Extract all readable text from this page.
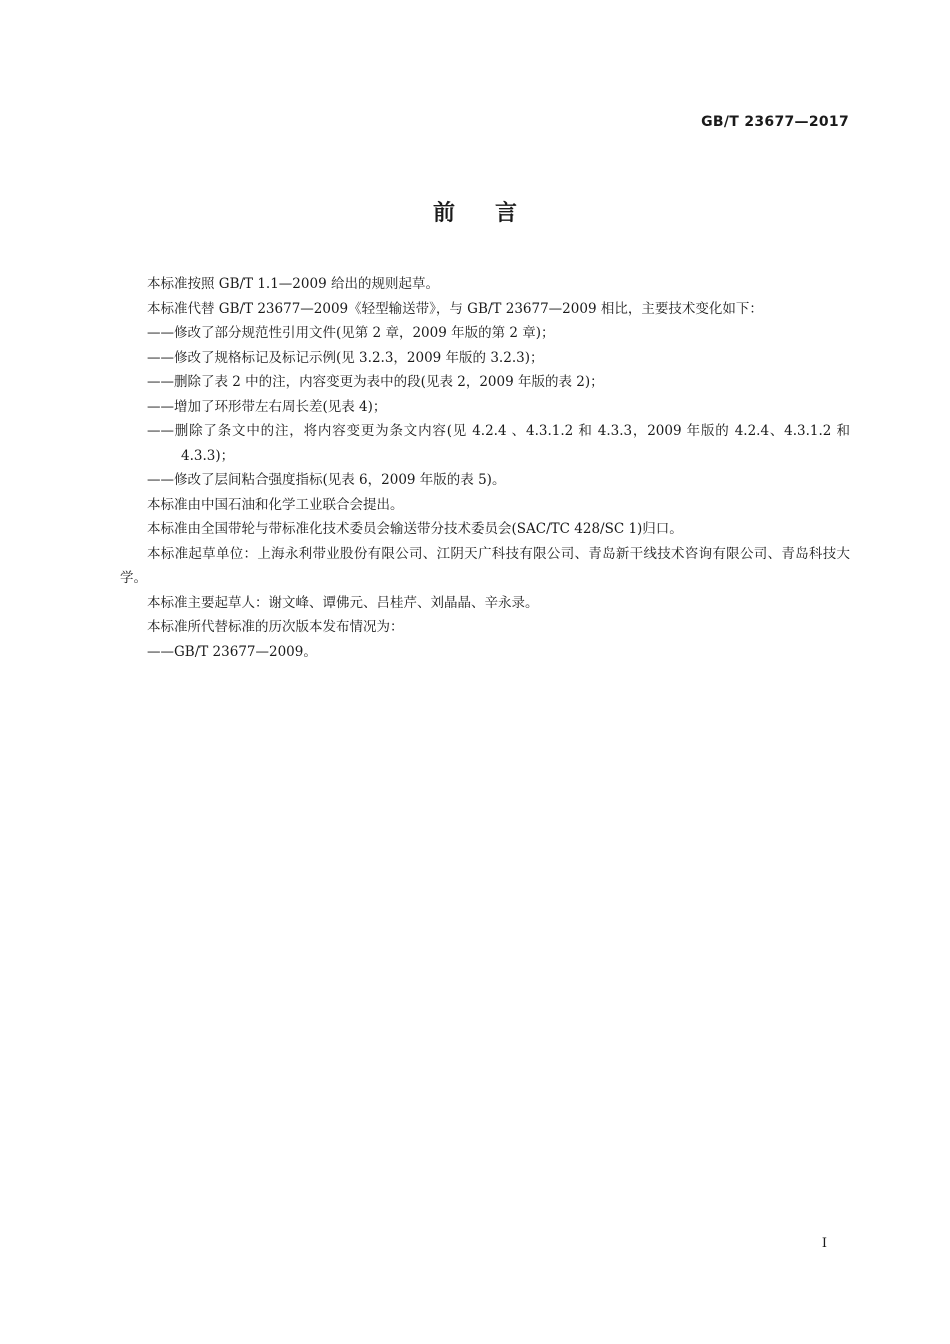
GB/T 23677—2017
前言

本标准按照 GB/T 1.1—2009 给出的规则起草。

本标准代替 GB/T 23677—2009《轻型输送带》，与 GB/T 23677—2009 相比，主要技术变化如下：

——修改了部分规范性引用文件(见第 2 章，2009 年版的第 2 章)；

——修改了规格标记及标记示例(见 3.2.3，2009 年版的 3.2.3)；

——删除了表 2 中的注，内容变更为表中的段(见表 2，2009 年版的表 2)；

——增加了环形带左右周长差(见表 4)；

——删除了条文中的注，将内容变更为条文内容(见 4.2.4 、4.3.1.2 和 4.3.3，2009 年版的 4.2.4、4.3.1.2 和 4.3.3)；

——修改了层间粘合强度指标(见表 6，2009 年版的表 5)。

本标准由中国石油和化学工业联合会提出。

本标准由全国带轮与带标准化技术委员会输送带分技术委员会(SAC/TC 428/SC 1)归口。

本标准起草单位：上海永利带业股份有限公司、江阴天广科技有限公司、青岛新干线技术咨询有限公司、青岛科技大学。

本标准主要起草人：谢文峰、谭佛元、吕桂芹、刘晶晶、辛永录。

本标准所代替标准的历次版本发布情况为：

——GB/T 23677—2009。

I
